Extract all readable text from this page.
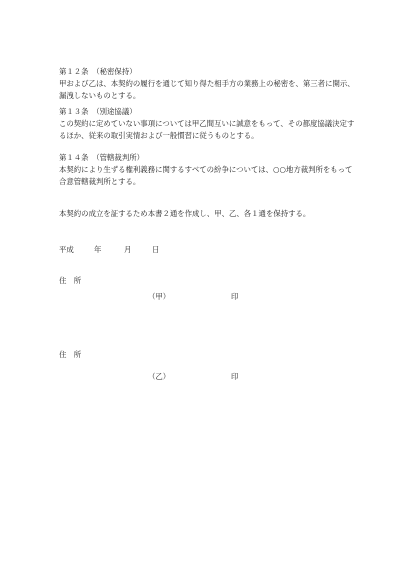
第１２条　（秘密保持）
甲および乙は、本契約の履行を通じて知り得た相手方の業務上の秘密を、第三者に開示、
漏洩しないものとする。
第１３条　（別途協議）
この契約に定めていない事項については甲乙間互いに誠意をもって、その都度協議決定す
るほか、従来の取引実情および一般慣習に従うものとする。
第１４条　（管轄裁判所）
本契約により生ずる権利義務に関するすべての紛争については、○○地方裁判所をもって
合意管轄裁判所とする。
本契約の成立を証するため本書２通を作成し、甲、乙、各１通を保持する。
平成	年	月	日
住　所
（甲）	印
住　所
（乙）	印
